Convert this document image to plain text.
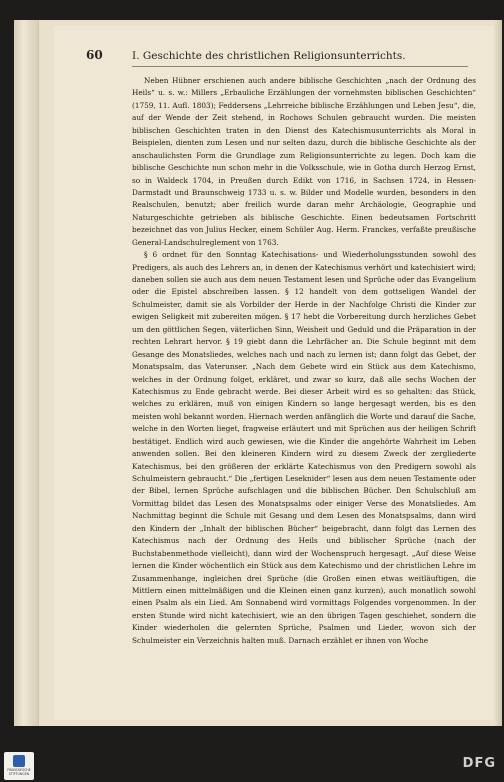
60	I. Geschichte des christlichen Religionsunterrichts.

Neben Hübner erschienen auch andere biblische Geschichten „nach der Ordnung des Heils“ u. s. w.: Millers „Erbauliche Erzählungen der vornehmsten biblischen Geschichten“ (1759, 11. Aufl. 1803); Feddersens „Lehrreiche biblische Erzählungen und Leben Jesu“, die, auf der Wende der Zeit stehend, in Rochows Schulen gebraucht wurden. Die meisten biblischen Geschichten traten in den Dienst des Katechismusunterrichts als Moral in Beispielen, dienten zum Lesen und nur selten dazu, durch die biblische Geschichte als der anschaulichsten Form die Grundlage zum Religionsunterrichte zu legen. Doch kam die biblische Geschichte nun schon mehr in die Volksschule, wie in Gotha durch Herzog Ernst, so in Waldeck 1704, in Preußen durch Edikt von 1716, in Sachsen 1724, in Hessen-Darmstadt und Braunschweig 1733 u. s. w. Bilder und Modelle wurden, besonders in den Realschulen, benutzt; aber freilich wurde daran mehr Archäologie, Geographie und Naturgeschichte getrieben als biblische Geschichte. Einen bedeutsamen Fortschritt bezeichnet das von Julius Hecker, einem Schüler Aug. Herm. Franckes, verfaßte preußische General-Landschulreglement von 1763.

§ 6 ordnet für den Sonntag Katechisations- und Wiederholungsstunden sowohl des Predigers, als auch des Lehrers an, in denen der Katechismus verhört und katechisiert wird; daneben sollen sie auch aus dem neuen Testament lesen und Sprüche oder das Evangelium oder die Epistel abschreiben lassen. § 12 handelt von dem gottseligen Wandel der Schulmeister, damit sie als Vorbilder der Herde in der Nachfolge Christi die Kinder zur ewigen Seligkeit mit zubereiten mögen. § 17 hebt die Vorbereitung durch herzliches Gebet um den göttlichen Segen, väterlichen Sinn, Weisheit und Geduld und die Präparation in der rechten Lehrart hervor. § 19 giebt dann die Lehrfächer an. Die Schule beginnt mit dem Gesange des Monatsliedes, welches nach und nach zu lernen ist; dann folgt das Gebet, der Monatspsalm, das Vaterunser. „Nach dem Gebete wird ein Stück aus dem Katechismo, welches in der Ordnung folget, erkläret, und zwar so kurz, daß alle sechs Wochen der Katechismus zu Ende gebracht werde. Bei dieser Arbeit wird es so gehalten: das Stück, welches zu erklären, muß von einigen Kindern so lange hergesagt werden, bis es den meisten wohl bekannt worden. Hiernach werden anfänglich die Worte und darauf die Sache, welche in den Worten lieget, fragweise erläutert und mit Sprüchen aus der heiligen Schrift bestätiget. Endlich wird auch gewiesen, wie die Kinder die angehörte Wahrheit im Leben anwenden sollen. Bei den kleineren Kindern wird zu diesem Zweck der zergliederte Katechismus, bei den größeren der erklärte Katechismus von den Predigern sowohl als Schulmeistern gebraucht.“ Die „fertigen Leseknider“ lesen aus dem neuen Testamente oder der Bibel, lernen Sprüche aufschlagen und die biblischen Bücher. Den Schulschluß am Vormittag bildet das Lesen des Monatspsalms oder einiger Verse des Monatsliedes. Am Nachmittag beginnt die Schule mit Gesang und dem Lesen des Monatspsalms, dann wird den Kindern der „Inhalt der biblischen Bücher“ beigebracht, dann folgt das Lernen des Katechismus nach der Ordnung des Heils und biblischer Sprüche (nach der Buchstabenmethode vielleicht), dann wird der Wochenspruch hergesagt. „Auf diese Weise lernen die Kinder wöchentlich ein Stück aus dem Katechismo und der christlichen Lehre im Zusammenhange, ingleichen drei Sprüche (die Großen einen etwas weitläuftigen, die Mittlern einen mittelmäßigen und die Kleinen einen ganz kurzen), auch monatlich sowohl einen Psalm als ein Lied. Am Sonnabend wird vormittags Folgendes vorgenommen. In der ersten Stunde wird nicht katechisiert, wie an den übrigen Tagen geschiehet, sondern die Kinder wiederholen die gelernten Sprüche, Psalmen und Lieder, wovon sich der Schulmeister ein Verzeichnis halten muß. Darnach erzählet er ihnen von Woche

FRANCKESCHE STIFTUNGEN
DFG
